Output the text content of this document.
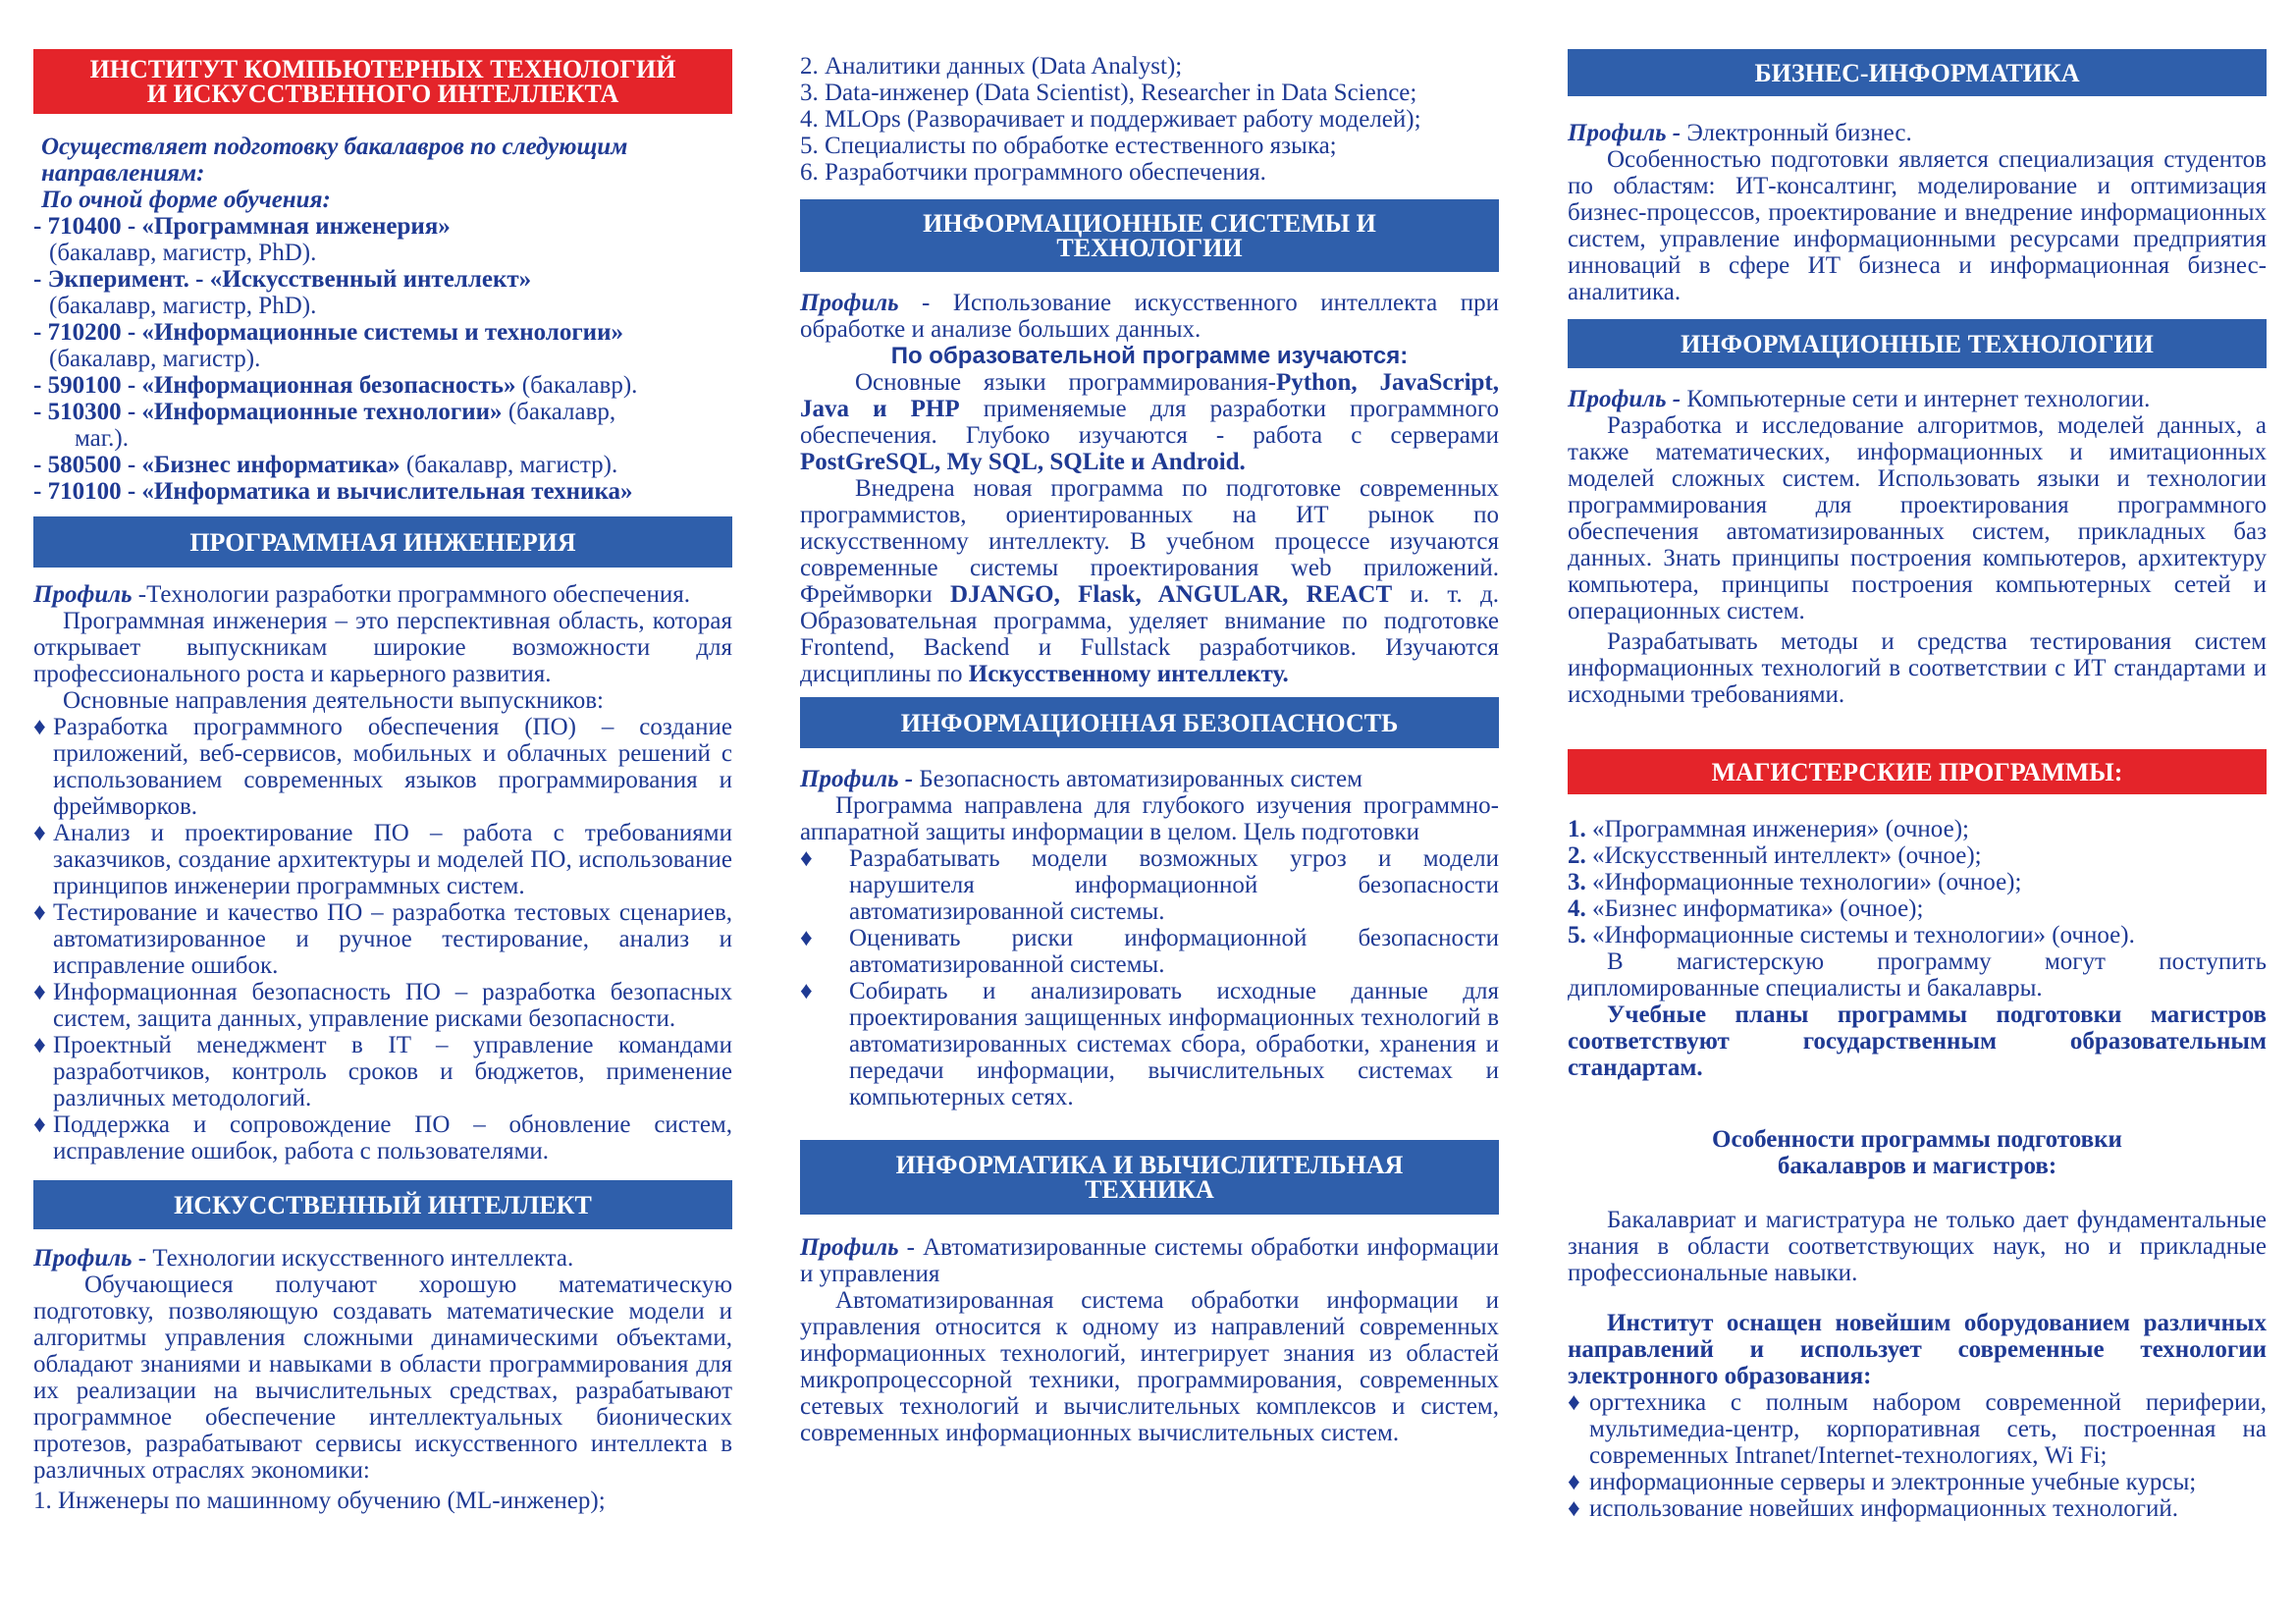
ИНСТИТУТ КОМПЬЮТЕРНЫХ ТЕХНОЛОГИЙ
И ИСКУССТВЕННОГО ИНТЕЛЛЕКТА
Осуществляет подготовку бакалавров по следующим
направлениям:
По очной форме обучения:
- 710400 - «Программная инженерия»
(бакалавр, магистр, PhD).
- Экперимент. - «Искусственный интеллект»
(бакалавр, магистр, PhD).
- 710200 - «Информационные системы и технологии»
(бакалавр, магистр).
- 590100 - «Информационная безопасность» (бакалавр).
- 510300 - «Информационные технологии» (бакалавр,
маг.).
- 580500 - «Бизнес информатика» (бакалавр, магистр).
- 710100 - «Информатика и вычислительная техника»
ПРОГРАММНАЯ ИНЖЕНЕРИЯ

Профиль -Технологии разработки программного обеспечения.

Программная инженерия – это перспективная область, которая открывает выпускникам широкие возможности для профессионального роста и карьерного развития.

Основные направления деятельности выпускников:

♦ Разработка программного обеспечения (ПО) – создание приложений, веб-сервисов, мобильных и облачных решений с использованием современных языков программирования и фреймворков.

♦ Анализ и проектирование ПО – работа с требованиями заказчиков, создание архитектуры и моделей ПО, использование принципов инженерии программных систем.

♦ Тестирование и качество ПО – разработка тестовых сценариев, автоматизированное и ручное тестирование, анализ и исправление ошибок.

♦ Информационная безопасность ПО – разработка безопасных систем, защита данных, управление рисками безопасности.

♦ Проектный менеджмент в IT – управление командами разработчиков, контроль сроков и бюджетов, применение различных методологий.

♦ Поддержка и сопровождение ПО – обновление систем, исправление ошибок, работа с пользователями.

ИСКУССТВЕННЫЙ ИНТЕЛЛЕКТ

Профиль - Технологии искусственного интеллекта.

Обучающиеся получают хорошую математическую подготовку, позволяющую создавать математические модели и алгоритмы управления сложными динамическими объектами, обладают знаниями и навыками в области программирования для их реализации на вычислительных средствах, разрабатывают программное обеспечение интеллектуальных бионических протезов, разрабатывают сервисы искусственного интеллекта в различных отраслях экономики:

1. Инженеры по машинному обучению (ML-инженер);

2. Аналитики данных (Data Analyst);

3. Data-инженер (Data Scientist), Researcher in Data Science;

4. MLOps (Разворачивает и поддерживает работу моделей);

5. Специалисты по обработке естественного языка;

6. Разработчики программного обеспечения.

ИНФОРМАЦИОННЫЕ СИСТЕМЫ И
ТЕХНОЛОГИИ

Профиль - Использование искусственного интеллекта при обработке и анализе больших данных.

По образовательной программе изучаются:

Основные языки программирования-Python, JavaScript, Java и PHP применяемые для разработки программного обеспечения. Глубоко изучаются - работа с серверами PostGreSQL, My SQL, SQLite и Android.

Внедрена новая программа по подготовке современных программистов, ориентированных на ИТ рынок по искусственному интеллекту. В учебном процессе изучаются современные системы проектирования web приложений. Фреймворки DJANGO, Flask, ANGULAR, REACT и. т. д. Образовательная программа, уделяет внимание по подготовке Frontend, Backend и Fullstack разработчиков. Изучаются дисциплины по Искусственному интеллекту.

ИНФОРМАЦИОННАЯ БЕЗОПАСНОСТЬ

Профиль - Безопасность автоматизированных систем

Программа направлена для глубокого изучения программно-аппаратной защиты информации в целом. Цель подготовки

♦ Разрабатывать модели возможных угроз и модели нарушителя информационной безопасности автоматизированной системы.

♦ Оценивать риски информационной безопасности автоматизированной системы.

♦ Собирать и анализировать исходные данные для проектирования защищенных информационных технологий в автоматизированных системах сбора, обработки, хранения и передачи информации, вычислительных системах и компьютерных сетях.

ИНФОРМАТИКА И ВЫЧИСЛИТЕЛЬНАЯ
ТЕХНИКА

Профиль - Автоматизированные системы обработки информации и управления

Автоматизированная система обработки информации и управления относится к одному из направлений современных информационных технологий, интегрирует знания из областей микропроцессорной техники, программирования, современных сетевых технологий и вычислительных комплексов и систем, современных информационных вычислительных систем.

БИЗНЕС-ИНФОРМАТИКА

Профиль - Электронный бизнес.

Особенностью подготовки является специализация студентов по областям: ИТ-консалтинг, моделирование и оптимизация бизнес-процессов, проектирование и внедрение информационных систем, управление информационными ресурсами предприятия инноваций в сфере ИТ бизнеса и информационная бизнес-аналитика.

ИНФОРМАЦИОННЫЕ ТЕХНОЛОГИИ

Профиль - Компьютерные сети и интернет технологии.

Разработка и исследование алгоритмов, моделей данных, а также математических, информационных и имитационных моделей сложных систем. Использовать языки и технологии программирования для проектирования программного обеспечения автоматизированных систем, прикладных баз данных. Знать принципы построения компьютеров, архитектуру компьютера, принципы построения компьютерных сетей и операционных систем.

Разрабатывать методы и средства тестирования систем информационных технологий в соответствии с ИТ стандартами и исходными требованиями.

МАГИСТЕРСКИЕ ПРОГРАММЫ:

1. «Программная инженерия» (очное);

2. «Искусственный интеллект» (очное);

3. «Информационные технологии» (очное);

4. «Бизнес информатика» (очное);

5. «Информационные системы и технологии» (очное).

В магистерскую программу могут поступить дипломированные специалисты и бакалавры.

Учебные планы программы подготовки магистров соответствуют государственным образовательным стандартам.

Особенности программы подготовки
бакалавров и магистров:

Бакалавриат и магистратура не только дает фундаментальные знания в области соответствующих наук, но и прикладные профессиональные навыки.

Институт оснащен новейшим оборудованием различных направлений и использует современные технологии электронного образования:

♦ оргтехника с полным набором современной периферии, мультимедиа-центр, корпоративная сеть, построенная на современных Intranet/Internet-технологиях, Wi Fi;

♦ информационные серверы и электронные учебные курсы;

♦ использование новейших информационных технологий.
